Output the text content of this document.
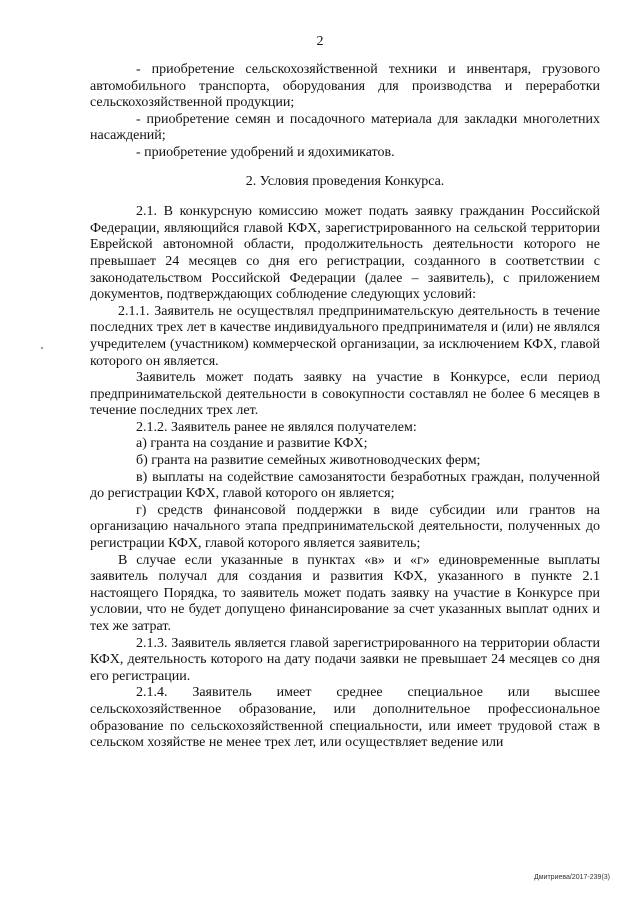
2

- приобретение сельскохозяйственной техники и инвентаря, грузового автомобильного транспорта, оборудования для производства и переработки сельскохозяйственной продукции;

- приобретение семян и посадочного материала для закладки многолетних насаждений;

- приобретение удобрений и ядохимикатов.

2. Условия проведения Конкурса.

2.1. В конкурсную комиссию может подать заявку гражданин Российской Федерации, являющийся главой КФХ, зарегистрированного на сельской территории Еврейской автономной области, продолжительность деятельности которого не превышает 24 месяцев со дня его регистрации, созданного в соответствии с законодательством Российской Федерации (далее – заявитель), с приложением документов, подтверждающих соблюдение следующих условий:

2.1.1. Заявитель не осуществлял предпринимательскую деятельность в течение последних трех лет в качестве индивидуального предпринимателя и (или) не являлся учредителем (участником) коммерческой организации, за исключением КФХ, главой которого он является.

Заявитель может подать заявку на участие в Конкурсе, если период предпринимательской деятельности в совокупности составлял не более 6 месяцев в течение последних трех лет.

2.1.2. Заявитель ранее не являлся получателем:

а) гранта на создание и развитие КФХ;

б) гранта на развитие семейных животноводческих ферм;

в) выплаты на содействие самозанятости безработных граждан, полученной до регистрации КФХ, главой которого он является;

г) средств финансовой поддержки в виде субсидии или грантов на организацию начального этапа предпринимательской деятельности, полученных до регистрации КФХ, главой которого является заявитель;

В случае если указанные в пунктах «в» и «г» единовременные выплаты заявитель получал для создания и развития КФХ, указанного в пункте 2.1 настоящего Порядка, то заявитель может подать заявку на участие в Конкурсе при условии, что не будет допущено финансирование за счет указанных выплат одних и тех же затрат.

2.1.3. Заявитель является главой зарегистрированного на территории области КФХ, деятельность которого на дату подачи заявки не превышает 24 месяцев со дня его регистрации.

2.1.4. Заявитель имеет среднее специальное или высшее сельскохозяйственное образование, или дополнительное профессиональное образование по сельскохозяйственной специальности, или имеет трудовой стаж в сельском хозяйстве не менее трех лет, или осуществляет ведение или

Дмитриева/2017-239(3)
